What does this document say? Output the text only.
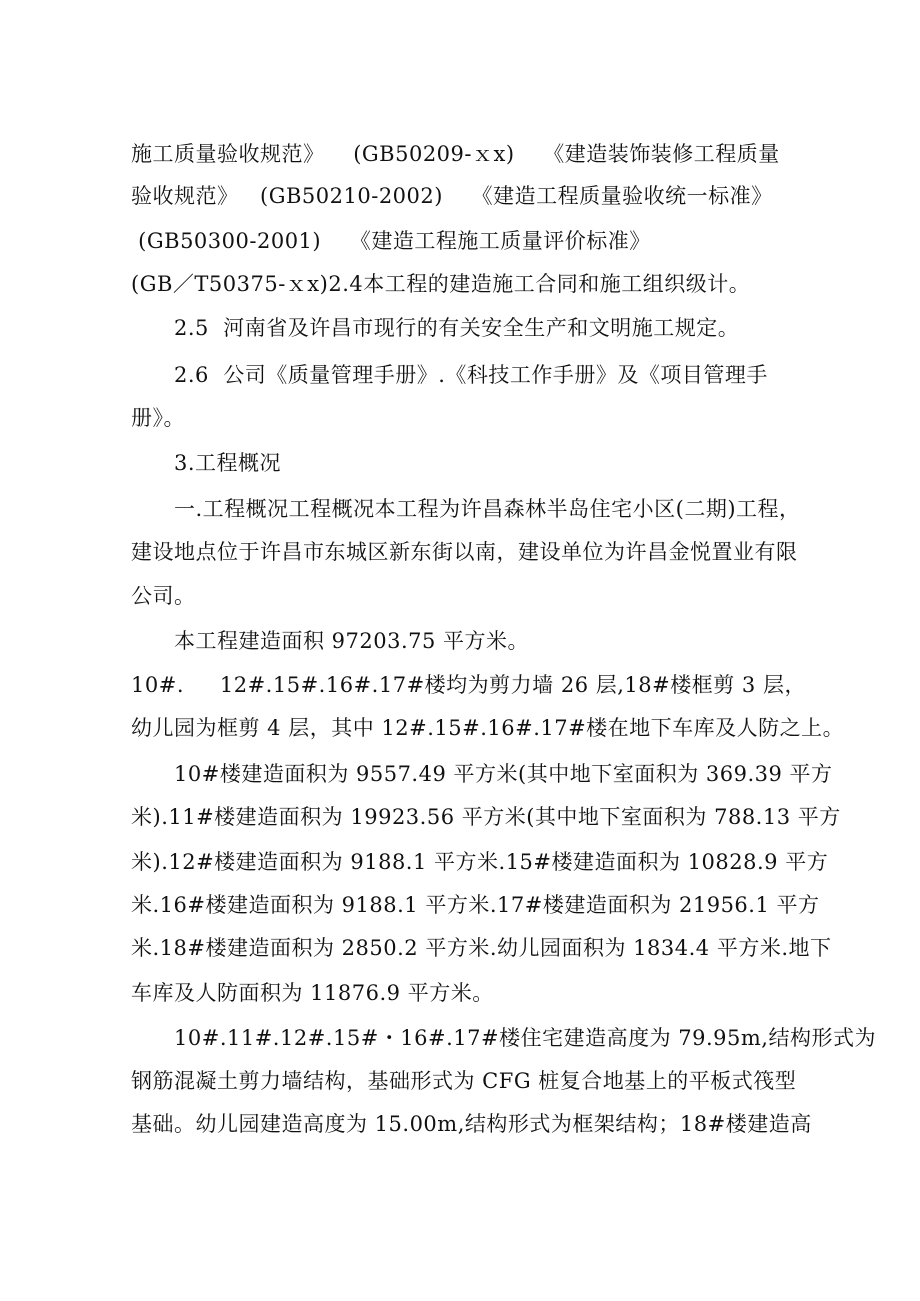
施工质量验收规范》    (GB50209-ｘx)    《建造装饰装修工程质量
验收规范》   (GB50210-2002)    《建造工程质量验收统一标准》
(GB50300-2001)    《建造工程施工质量评价标准》
(GB／T50375-ｘx)2.4本工程的建造施工合同和施工组织级计。
2.5  河南省及许昌市现行的有关安全生产和文明施工规定。
2.6  公司《质量管理手册》.《科技工作手册》及《项目管理手
册》。
3.工程概况
一.工程概况工程概况本工程为许昌森林半岛住宅小区(二期)工程，
建设地点位于许昌市东城区新东街以南，建设单位为许昌金悦置业有限
公司。
本工程建造面积 97203.75 平方米。
10#.     12#.15#.16#.17#楼均为剪力墙 26 层,18#楼框剪 3 层，
幼儿园为框剪 4 层，其中 12#.15#.16#.17#楼在地下车库及人防之上。
10#楼建造面积为 9557.49 平方米(其中地下室面积为 369.39 平方
米).11#楼建造面积为 19923.56 平方米(其中地下室面积为 788.13 平方
米).12#楼建造面积为 9188.1 平方米.15#楼建造面积为 10828.9 平方
米.16#楼建造面积为 9188.1 平方米.17#楼建造面积为 21956.1 平方
米.18#楼建造面积为 2850.2 平方米.幼儿园面积为 1834.4 平方米.地下
车库及人防面积为 11876.9 平方米。
10#.11#.12#.15#・16#.17#楼住宅建造高度为 79.95m,结构形式为
钢筋混凝土剪力墙结构，基础形式为 CFG 桩复合地基上的平板式筏型
基础。幼儿园建造高度为 15.00m,结构形式为框架结构；18#楼建造高
